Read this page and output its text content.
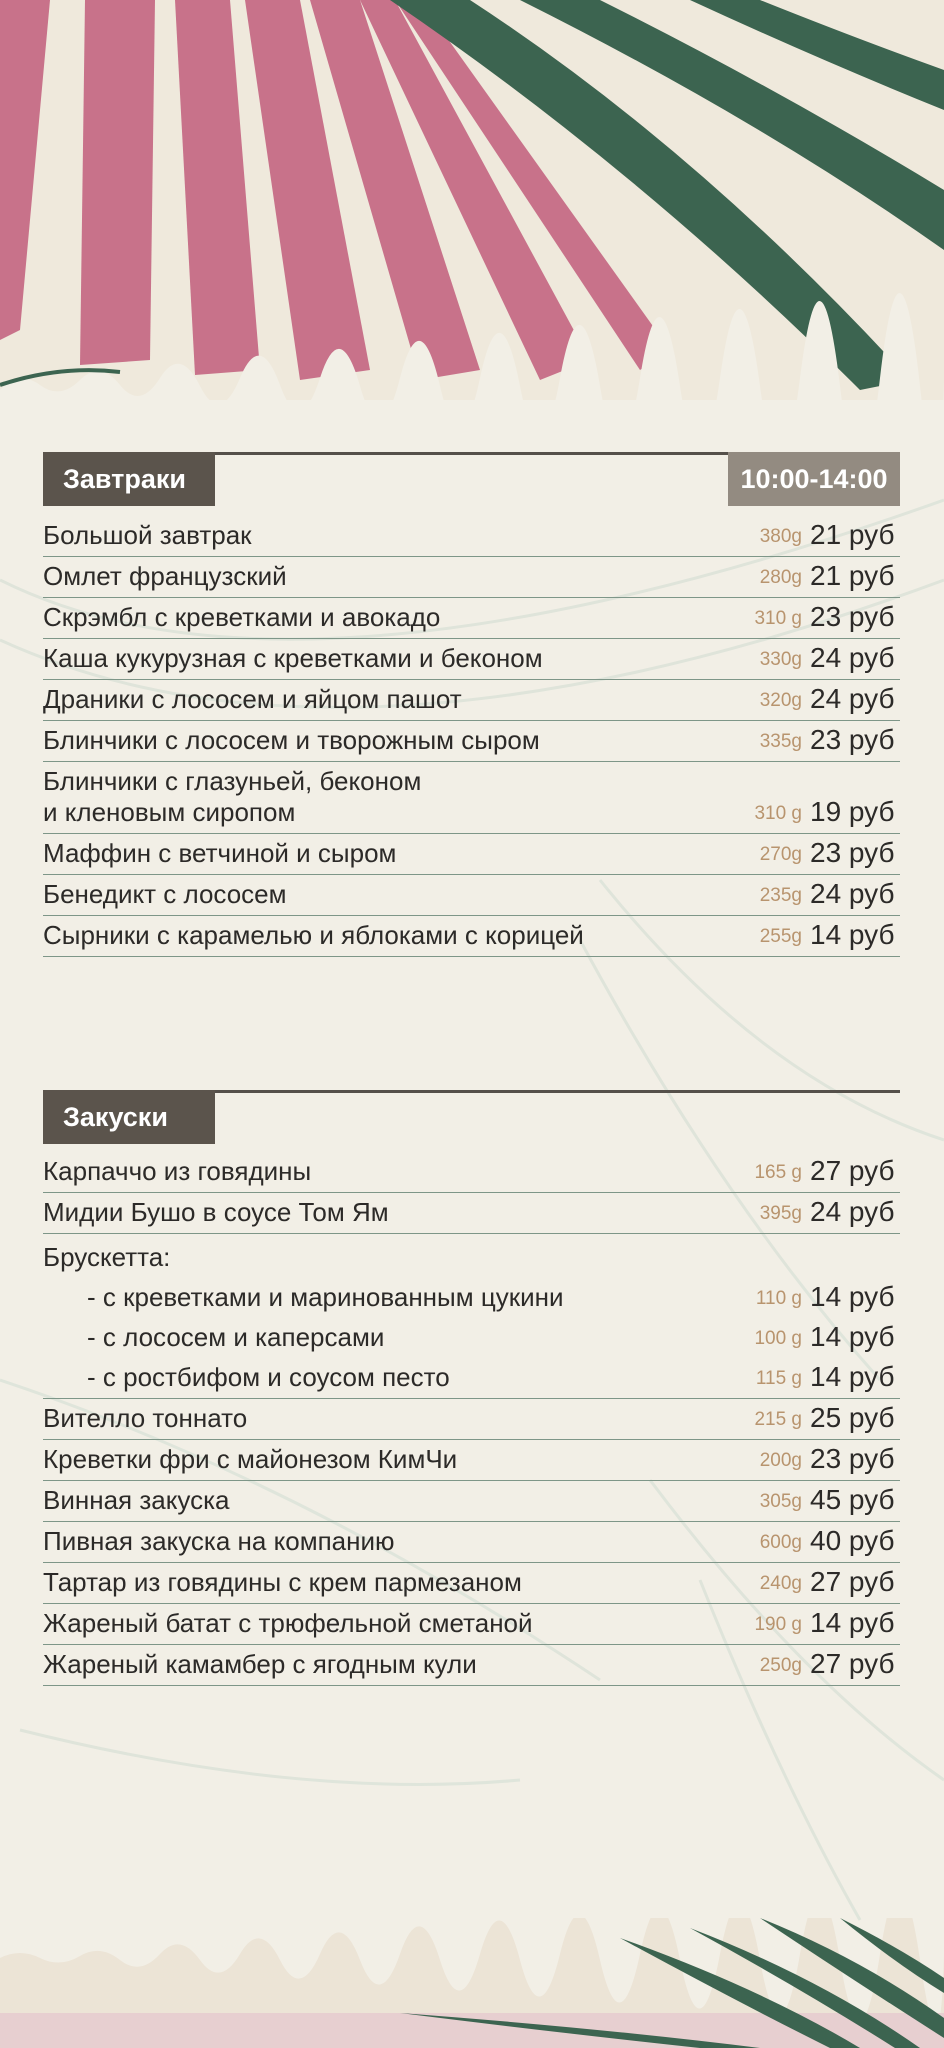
Завтраки	10:00-14:00
Большой завтрак	380g 21 руб
Омлет французский	280g 21 руб
Скрэмбл с креветками и авокадо	310 g 23 руб
Каша кукурузная с креветками и беконом	330g 24 руб
Драники с лососем и яйцом пашот	320g 24 руб
Блинчики с лососем и творожным сыром	335g 23 руб
Блинчики с глазуньей, беконом
и кленовым сиропом	310 g 19 руб
Маффин с ветчиной и сыром	270g 23 руб
Бенедикт с лососем	235g 24 руб
Сырники с карамелью и яблоками с корицей	255g 14 руб
Закуски
Карпаччо из говядины	165 g 27 руб
Мидии Бушо в соусе Том Ям	395g 24 руб
Брускетта:
- с креветками и маринованным цукини	110 g 14 руб
- с лососем и каперсами	100 g 14 руб
- с ростбифом и соусом песто	115 g 14 руб
Вителло тоннато	215 g 25 руб
Креветки фри с майонезом КимЧи	200g 23 руб
Винная закуска	305g 45 руб
Пивная закуска на компанию	600g 40 руб
Тартар из говядины с крем пармезаном	240g 27 руб
Жареный батат с трюфельной сметаной	190 g 14 руб
Жареный камамбер с ягодным кули	250g 27 руб
